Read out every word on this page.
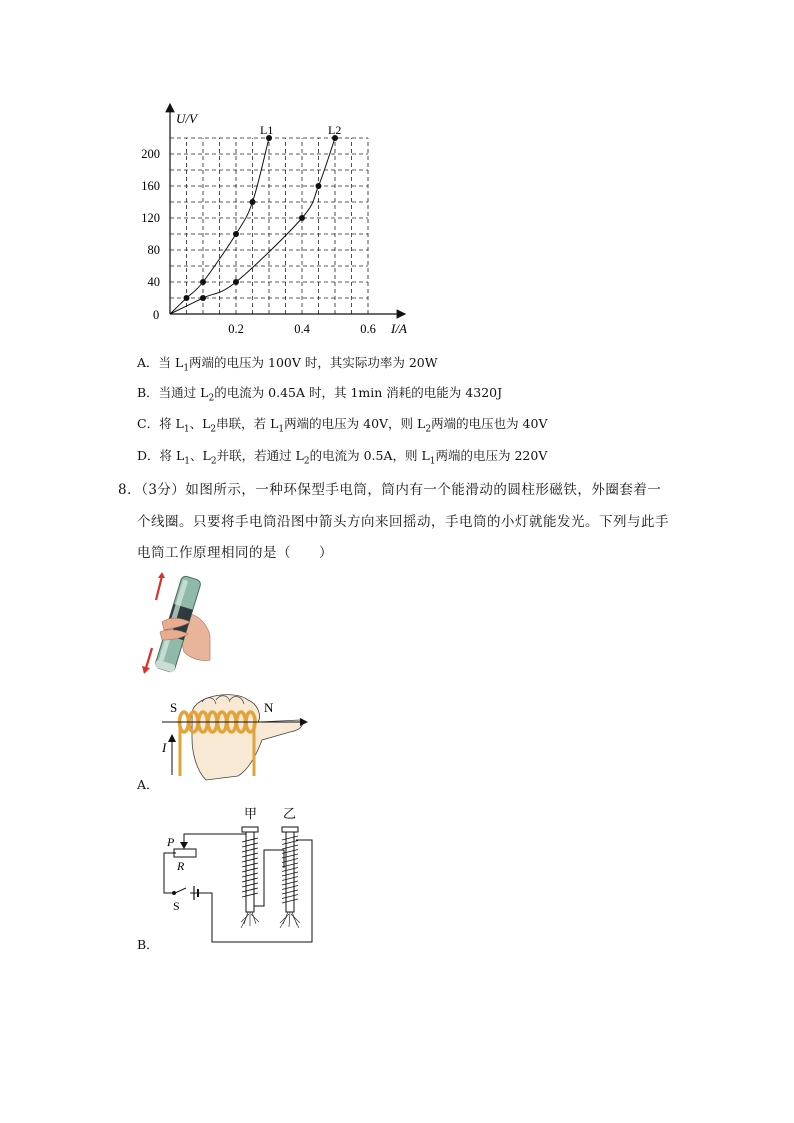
40
80
120
160
200
0.2	0.4	0.6
0
U/V
I/A
L1	L2
A．当 $L_1$两端的电压为 100V 时，其实际功率为 20W
B．当通过 $L_2$的电流为 0.45A 时，其 1min 消耗的电能为 4320J
C．将 $L_1$、$L_2$串联，若 $L_1$两端的电压为 40V，则 $L_2$两端的电压也为 40V
D．将 $L_1$、$L_2$并联，若通过 $L_2$的电流为 0.5A，则 $L_1$两端的电压为 220V
8．（3分）如图所示，一种环保型手电筒，筒内有一个能滑动的圆柱形磁铁，外圈套着一
个线圈。只要将手电筒沿图中箭头方向来回摇动，手电筒的小灯就能发光。下列与此手
电筒工作原理相同的是（　　）
S	N
I
A．
甲 乙
P
R
S
B．
